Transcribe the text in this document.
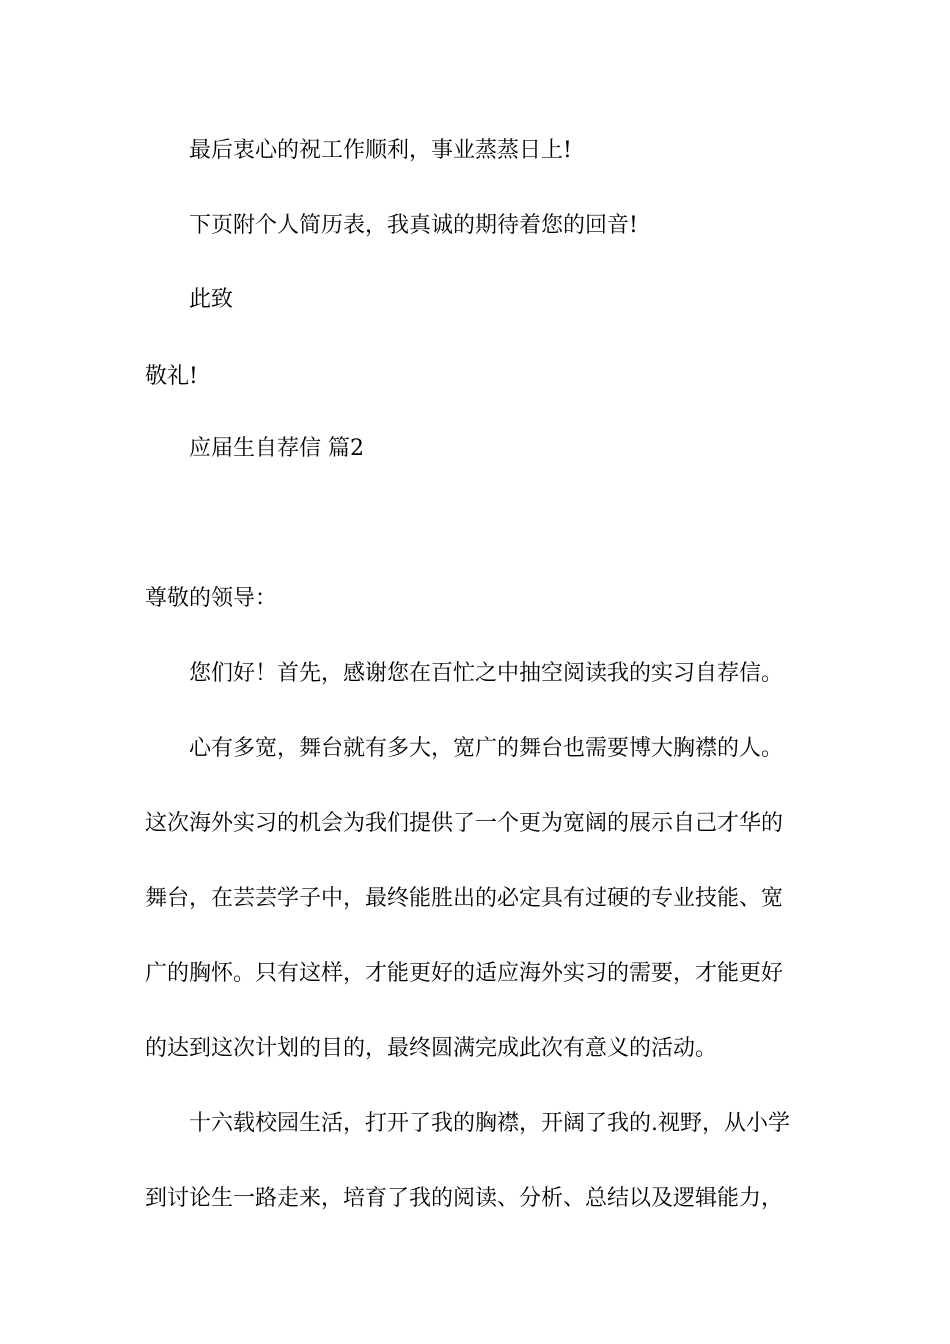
最后衷心的祝工作顺利，事业蒸蒸日上!
下页附个人简历表，我真诚的期待着您的回音!
此致
敬礼!
应届生自荐信 篇2
尊敬的领导：
您们好！首先，感谢您在百忙之中抽空阅读我的实习自荐信。
心有多宽，舞台就有多大，宽广的舞台也需要博大胸襟的人。
这次海外实习的机会为我们提供了一个更为宽阔的展示自己才华的
舞台，在芸芸学子中，最终能胜出的必定具有过硬的专业技能、宽
广的胸怀。只有这样，才能更好的适应海外实习的需要，才能更好
的达到这次计划的目的，最终圆满完成此次有意义的活动。
十六载校园生活，打开了我的胸襟，开阔了我的.视野，从小学
到讨论生一路走来，培育了我的阅读、分析、总结以及逻辑能力，
